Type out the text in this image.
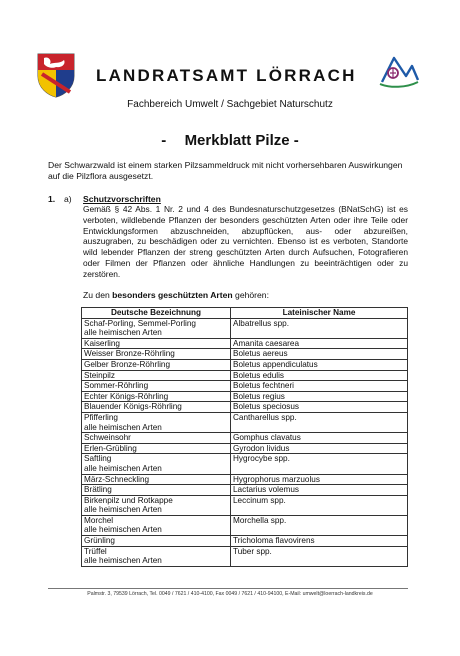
LANDRATSAMT LÖRRACH
Fachbereich Umwelt / Sachgebiet Naturschutz
- Merkblatt Pilze -
Der Schwarzwald ist einem starken Pilzsammeldruck mit nicht vorhersehbaren Auswirkungen auf die Pilzflora ausgesetzt.
1. a) Schutzvorschriften
Gemäß § 42 Abs. 1 Nr. 2 und 4 des Bundesnaturschutzgesetzes (BNatSchG) ist es verboten, wildlebende Pflanzen der besonders geschützten Arten oder ihre Teile oder Entwicklungsformen abzuschneiden, abzupflücken, aus- oder abzureißen, auszugraben, zu beschädigen oder zu vernichten. Ebenso ist es verboten, Standorte wild lebender Pflanzen der streng geschützten Arten durch Aufsuchen, Fotografieren oder Filmen der Pflanzen oder ähnliche Handlungen zu beeinträchtigen oder zu zerstören.
Zu den besonders geschützten Arten gehören:
Deutsche Bezeichnung	Lateinischer Name

Schaf-Porling, Semmel-Porling
alle heimischen Arten	Albatrellus spp.

Kaiserling	Amanita caesarea

Weisser Bronze-Röhrling	Boletus aereus

Gelber Bronze-Röhrling	Boletus appendiculatus

Steinpilz	Boletus edulis

Sommer-Röhrling	Boletus fechtneri

Echter Königs-Röhrling	Boletus regius

Blauender Königs-Röhrling	Boletus speciosus

Pfifferling
alle heimischen Arten	Cantharellus spp.

Schweinsohr	Gomphus clavatus

Erlen-Grübling	Gyrodon lividus

Saftling
alle heimischen Arten	Hygrocybe spp.

März-Schneckling	Hygrophorus marzuolus

Brätling	Lactarius volemus

Birkenpilz und Rotkappe
alle heimischen Arten	Leccinum spp.

Morchel
alle heimischen Arten	Morchella spp.

Grünling	Tricholoma flavovirens

Trüffel
alle heimischen Arten	Tuber spp.
Palmstr. 3, 79539 Lörrach, Tel. 0049 / 7621 / 410-4100, Fax 0049 / 7621 / 410-94100, E-Mail: umwelt@loerrach-landkreis.de
